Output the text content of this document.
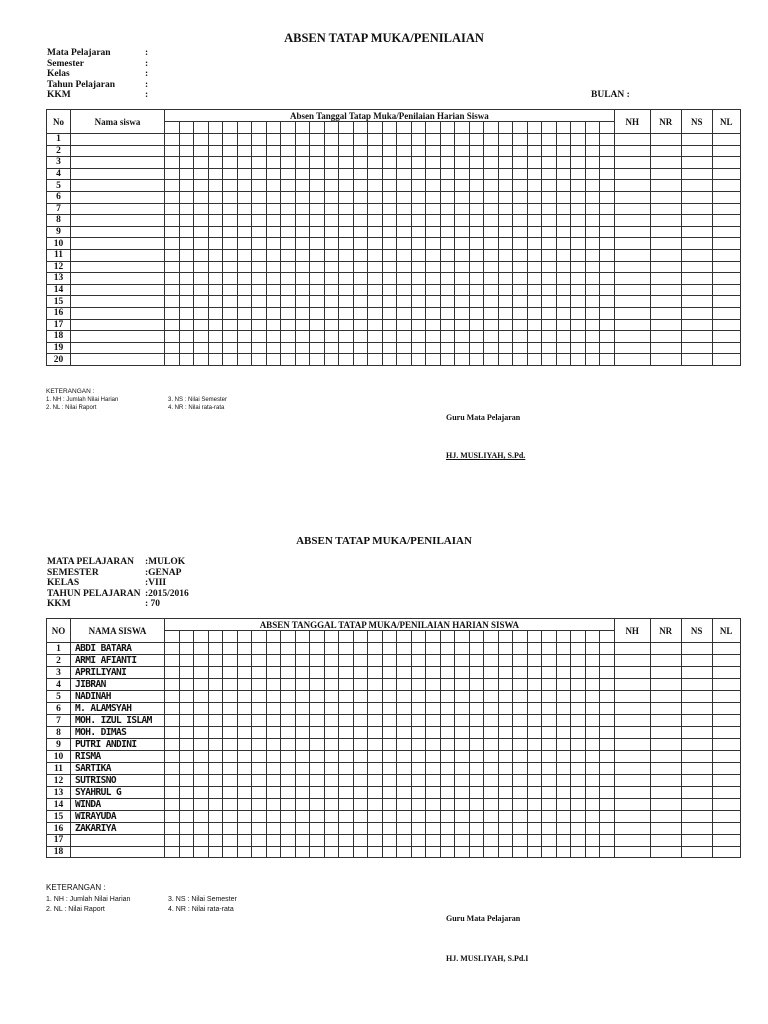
ABSEN TATAP MUKA/PENILAIAN
Mata Pelajaran	:
Semester	:
Kelas	:
Tahun Pelajaran	:
KKM	:	BULAN :
No	Nama siswa	Absen Tanggal Tatap Muka/Penilaian Harian Siswa																															NH	NR	NS	NL

1																																				
2																																				
3																																				
4																																				
5																																				
6																																				
7																																				
8																																				
9																																				
10																																				
11																																				
12																																				
13																																				
14																																				
15																																				
16																																				
17																																				
18																																				
19																																				
20																																				
KETERANGAN :
1. NH : Jumlah Nilai Harian
2. NL : Nilai Raport
3. NS : Nilai Semester
4. NR : Nilai rata-rata
Guru Mata Pelajaran
HJ. MUSLIYAH, S.Pd.
ABSEN TATAP MUKA/PENILAIAN
MATA PELAJARAN :MULOK
SEMESTER	:GENAP
KELAS	:VIII
TAHUN PELAJARAN :2015/2016
KKM	: 70
NO	NAMA SISWA	ABSEN TANGGAL TATAP MUKA/PENILAIAN HARIAN SISWA																															NH	NR	NS	NL

1	ABDI BATARA																																			
2	ARMI AFIANTI																																			
3	APRILIYANI																																			
4	JIBRAN																																			
5	NADINAH																																			
6	M. ALAMSYAH																																			
7	MOH. IZUL ISLAM																																			
8	MOH. DIMAS																																			
9	PUTRI ANDINI																																			
10	RISMA																																			
11	SARTIKA																																			
12	SUTRISNO																																			
13	SYAHRUL G																																			
14	WINDA																																			
15	WIRAYUDA																																			
16	ZAKARIYA																																			
17																																				
18																																				
KETERANGAN :
1. NH : Jumlah Nilai Harian
2. NL : Nilai Raport
3. NS : Nilai Semester
4. NR : Nilai rata-rata
Guru Mata Pelajaran
HJ. MUSLIYAH, S.Pd.I
